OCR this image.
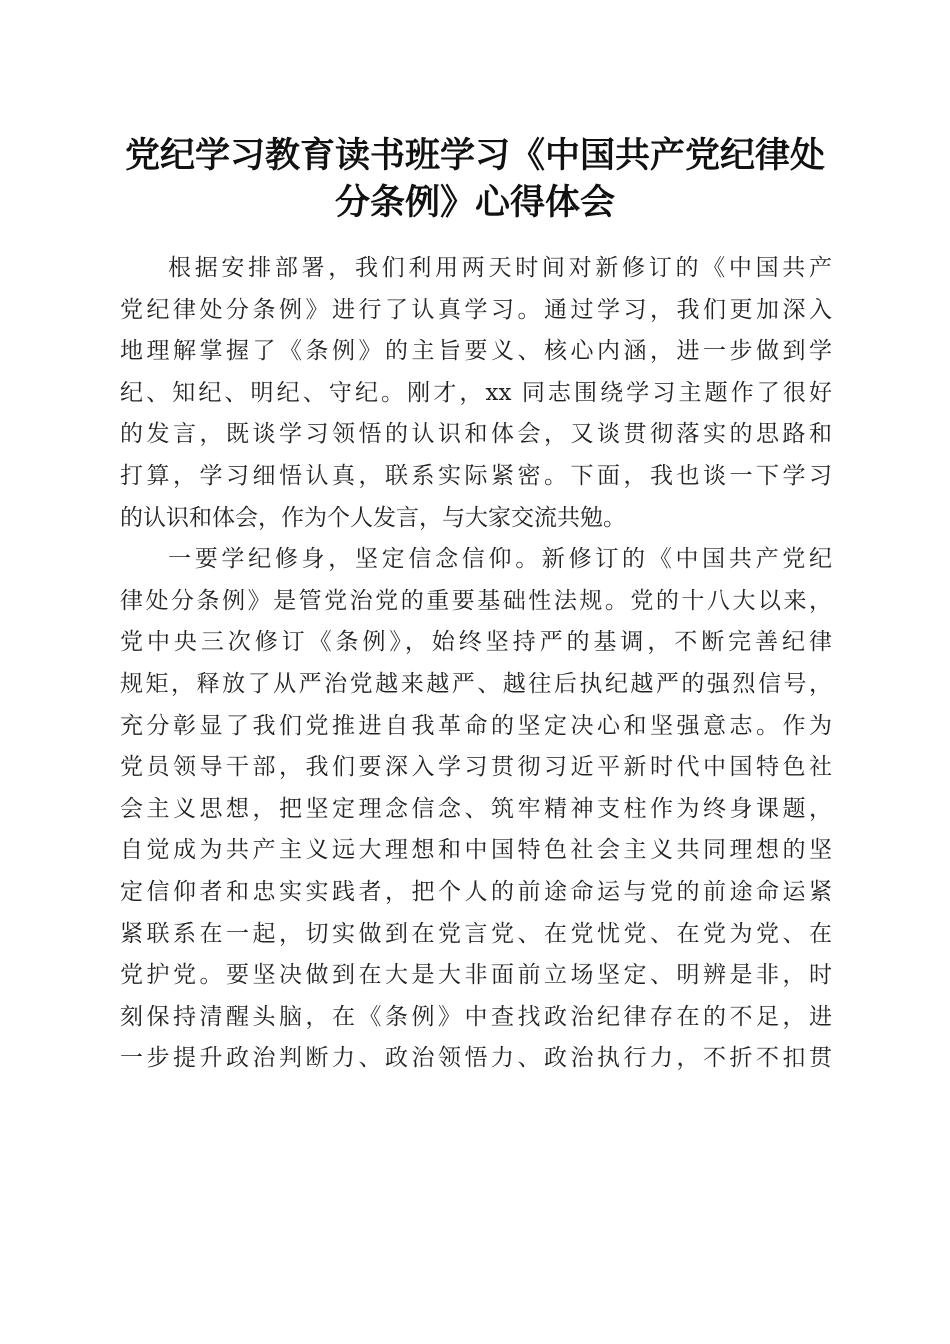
党纪学习教育读书班学习《中国共产党纪律处
分条例》心得体会
根据安排部署，我们利用两天时间对新修订的《中国共产
党纪律处分条例》进行了认真学习。通过学习，我们更加深入
地理解掌握了《条例》的主旨要义、核心内涵，进一步做到学
纪、知纪、明纪、守纪。刚才，xx 同志围绕学习主题作了很好
的发言，既谈学习领悟的认识和体会，又谈贯彻落实的思路和
打算，学习细悟认真，联系实际紧密。下面，我也谈一下学习
的认识和体会，作为个人发言，与大家交流共勉。
一要学纪修身，坚定信念信仰。新修订的《中国共产党纪
律处分条例》是管党治党的重要基础性法规。党的十八大以来，
党中央三次修订《条例》，始终坚持严的基调，不断完善纪律
规矩，释放了从严治党越来越严、越往后执纪越严的强烈信号，
充分彰显了我们党推进自我革命的坚定决心和坚强意志。作为
党员领导干部，我们要深入学习贯彻习近平新时代中国特色社
会主义思想，把坚定理念信念、筑牢精神支柱作为终身课题，
自觉成为共产主义远大理想和中国特色社会主义共同理想的坚
定信仰者和忠实实践者，把个人的前途命运与党的前途命运紧
紧联系在一起，切实做到在党言党、在党忧党、在党为党、在
党护党。要坚决做到在大是大非面前立场坚定、明辨是非，时
刻保持清醒头脑，在《条例》中查找政治纪律存在的不足，进
一步提升政治判断力、政治领悟力、政治执行力，不折不扣贯
